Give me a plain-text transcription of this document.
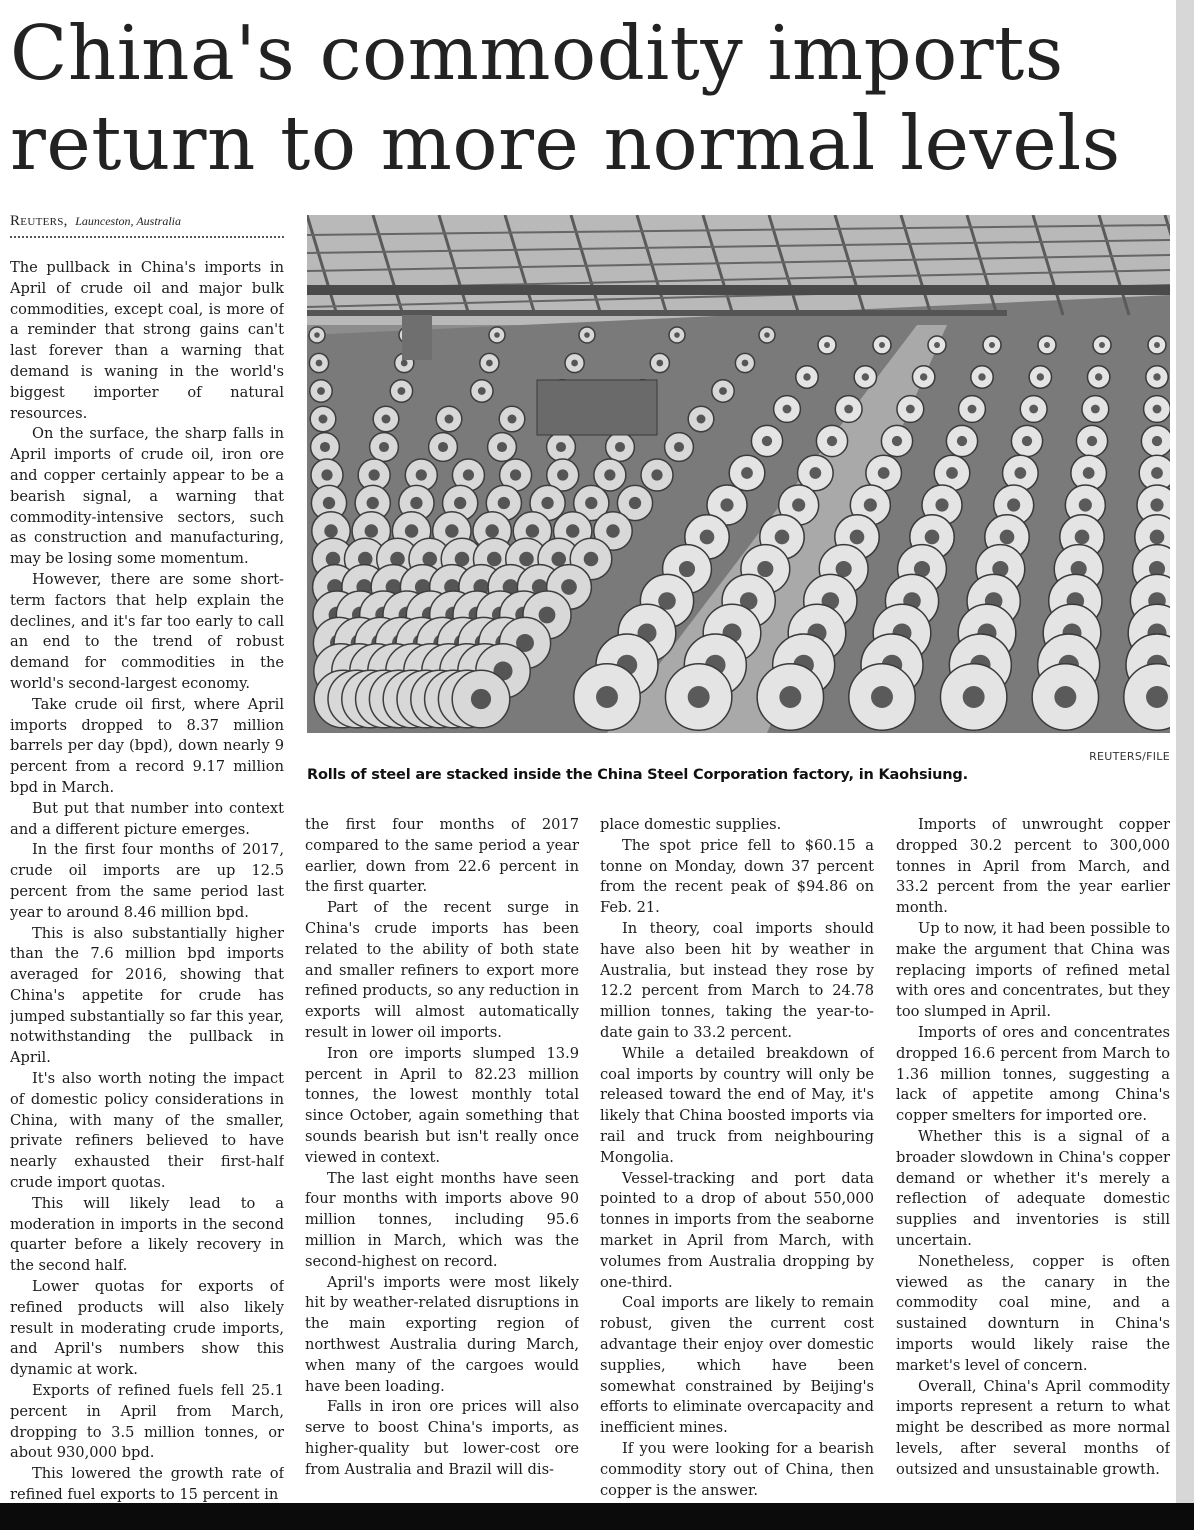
China's commodity imports return to more normal levels
Reuters, Launceston, Australia

The pullback in China's imports in April of crude oil and major bulk commodities, except coal, is more of a reminder that strong gains can't last forever than a warning that demand is waning in the world's biggest importer of natural resources.

On the surface, the sharp falls in April imports of crude oil, iron ore and copper certainly appear to be a bearish signal, a warning that commodity-intensive sectors, such as construction and manufacturing, may be losing some momentum.

However, there are some short-term factors that help explain the declines, and it's far too early to call an end to the trend of robust demand for commodities in the world's second-largest economy.

Take crude oil first, where April imports dropped to 8.37 million barrels per day (bpd), down nearly 9 percent from a record 9.17 million bpd in March.

But put that number into context and a different picture emerges.

In the first four months of 2017, crude oil imports are up 12.5 percent from the same period last year to around 8.46 million bpd.

This is also substantially higher than the 7.6 million bpd imports averaged for 2016, showing that China's appetite for crude has jumped substantially so far this year, notwithstanding the pullback in April.

It's also worth noting the impact of domestic policy considerations in China, with many of the smaller, private refiners believed to have nearly exhausted their first-half crude import quotas.

This will likely lead to a moderation in imports in the second quarter before a likely recovery in the second half.

Lower quotas for exports of refined products will also likely result in moderating crude imports, and April's numbers show this dynamic at work.

Exports of refined fuels fell 25.1 percent in April from March, dropping to 3.5 million tonnes, or about 930,000 bpd.

This lowered the growth rate of refined fuel exports to 15 percent in

REUTERS/FILE
Rolls of steel are stacked inside the China Steel Corporation factory, in Kaohsiung.

the first four months of 2017 compared to the same period a year earlier, down from 22.6 percent in the first quarter.

Part of the recent surge in China's crude imports has been related to the ability of both state and smaller refiners to export more refined products, so any reduction in exports will almost automatically result in lower oil imports.

Iron ore imports slumped 13.9 percent in April to 82.23 million tonnes, the lowest monthly total since October, again something that sounds bearish but isn't really once viewed in context.

The last eight months have seen four months with imports above 90 million tonnes, including 95.6 million in March, which was the second-highest on record.

April's imports were most likely hit by weather-related disruptions in the main exporting region of northwest Australia during March, when many of the cargoes would have been loading.

Falls in iron ore prices will also serve to boost China's imports, as higher-quality but lower-cost ore from Australia and Brazil will dis-

place domestic supplies.

The spot price fell to $60.15 a tonne on Monday, down 37 percent from the recent peak of $94.86 on Feb. 21.

In theory, coal imports should have also been hit by weather in Australia, but instead they rose by 12.2 percent from March to 24.78 million tonnes, taking the year-to-date gain to 33.2 percent.

While a detailed breakdown of coal imports by country will only be released toward the end of May, it's likely that China boosted imports via rail and truck from neighbouring Mongolia.

Vessel-tracking and port data pointed to a drop of about 550,000 tonnes in imports from the seaborne market in April from March, with volumes from Australia dropping by one-third.

Coal imports are likely to remain robust, given the current cost advantage their enjoy over domestic supplies, which have been somewhat constrained by Beijing's efforts to eliminate overcapacity and inefficient mines.

If you were looking for a bearish commodity story out of China, then copper is the answer.

Imports of unwrought copper dropped 30.2 percent to 300,000 tonnes in April from March, and 33.2 percent from the year earlier month.

Up to now, it had been possible to make the argument that China was replacing imports of refined metal with ores and concentrates, but they too slumped in April.

Imports of ores and concentrates dropped 16.6 percent from March to 1.36 million tonnes, suggesting a lack of appetite among China's copper smelters for imported ore.

Whether this is a signal of a broader slowdown in China's copper demand or whether it's merely a reflection of adequate domestic supplies and inventories is still uncertain.

Nonetheless, copper is often viewed as the canary in the commodity coal mine, and a sustained downturn in China's imports would likely raise the market's level of concern.

Overall, China's April commodity imports represent a return to what might be described as more normal levels, after several months of outsized and unsustainable growth.
